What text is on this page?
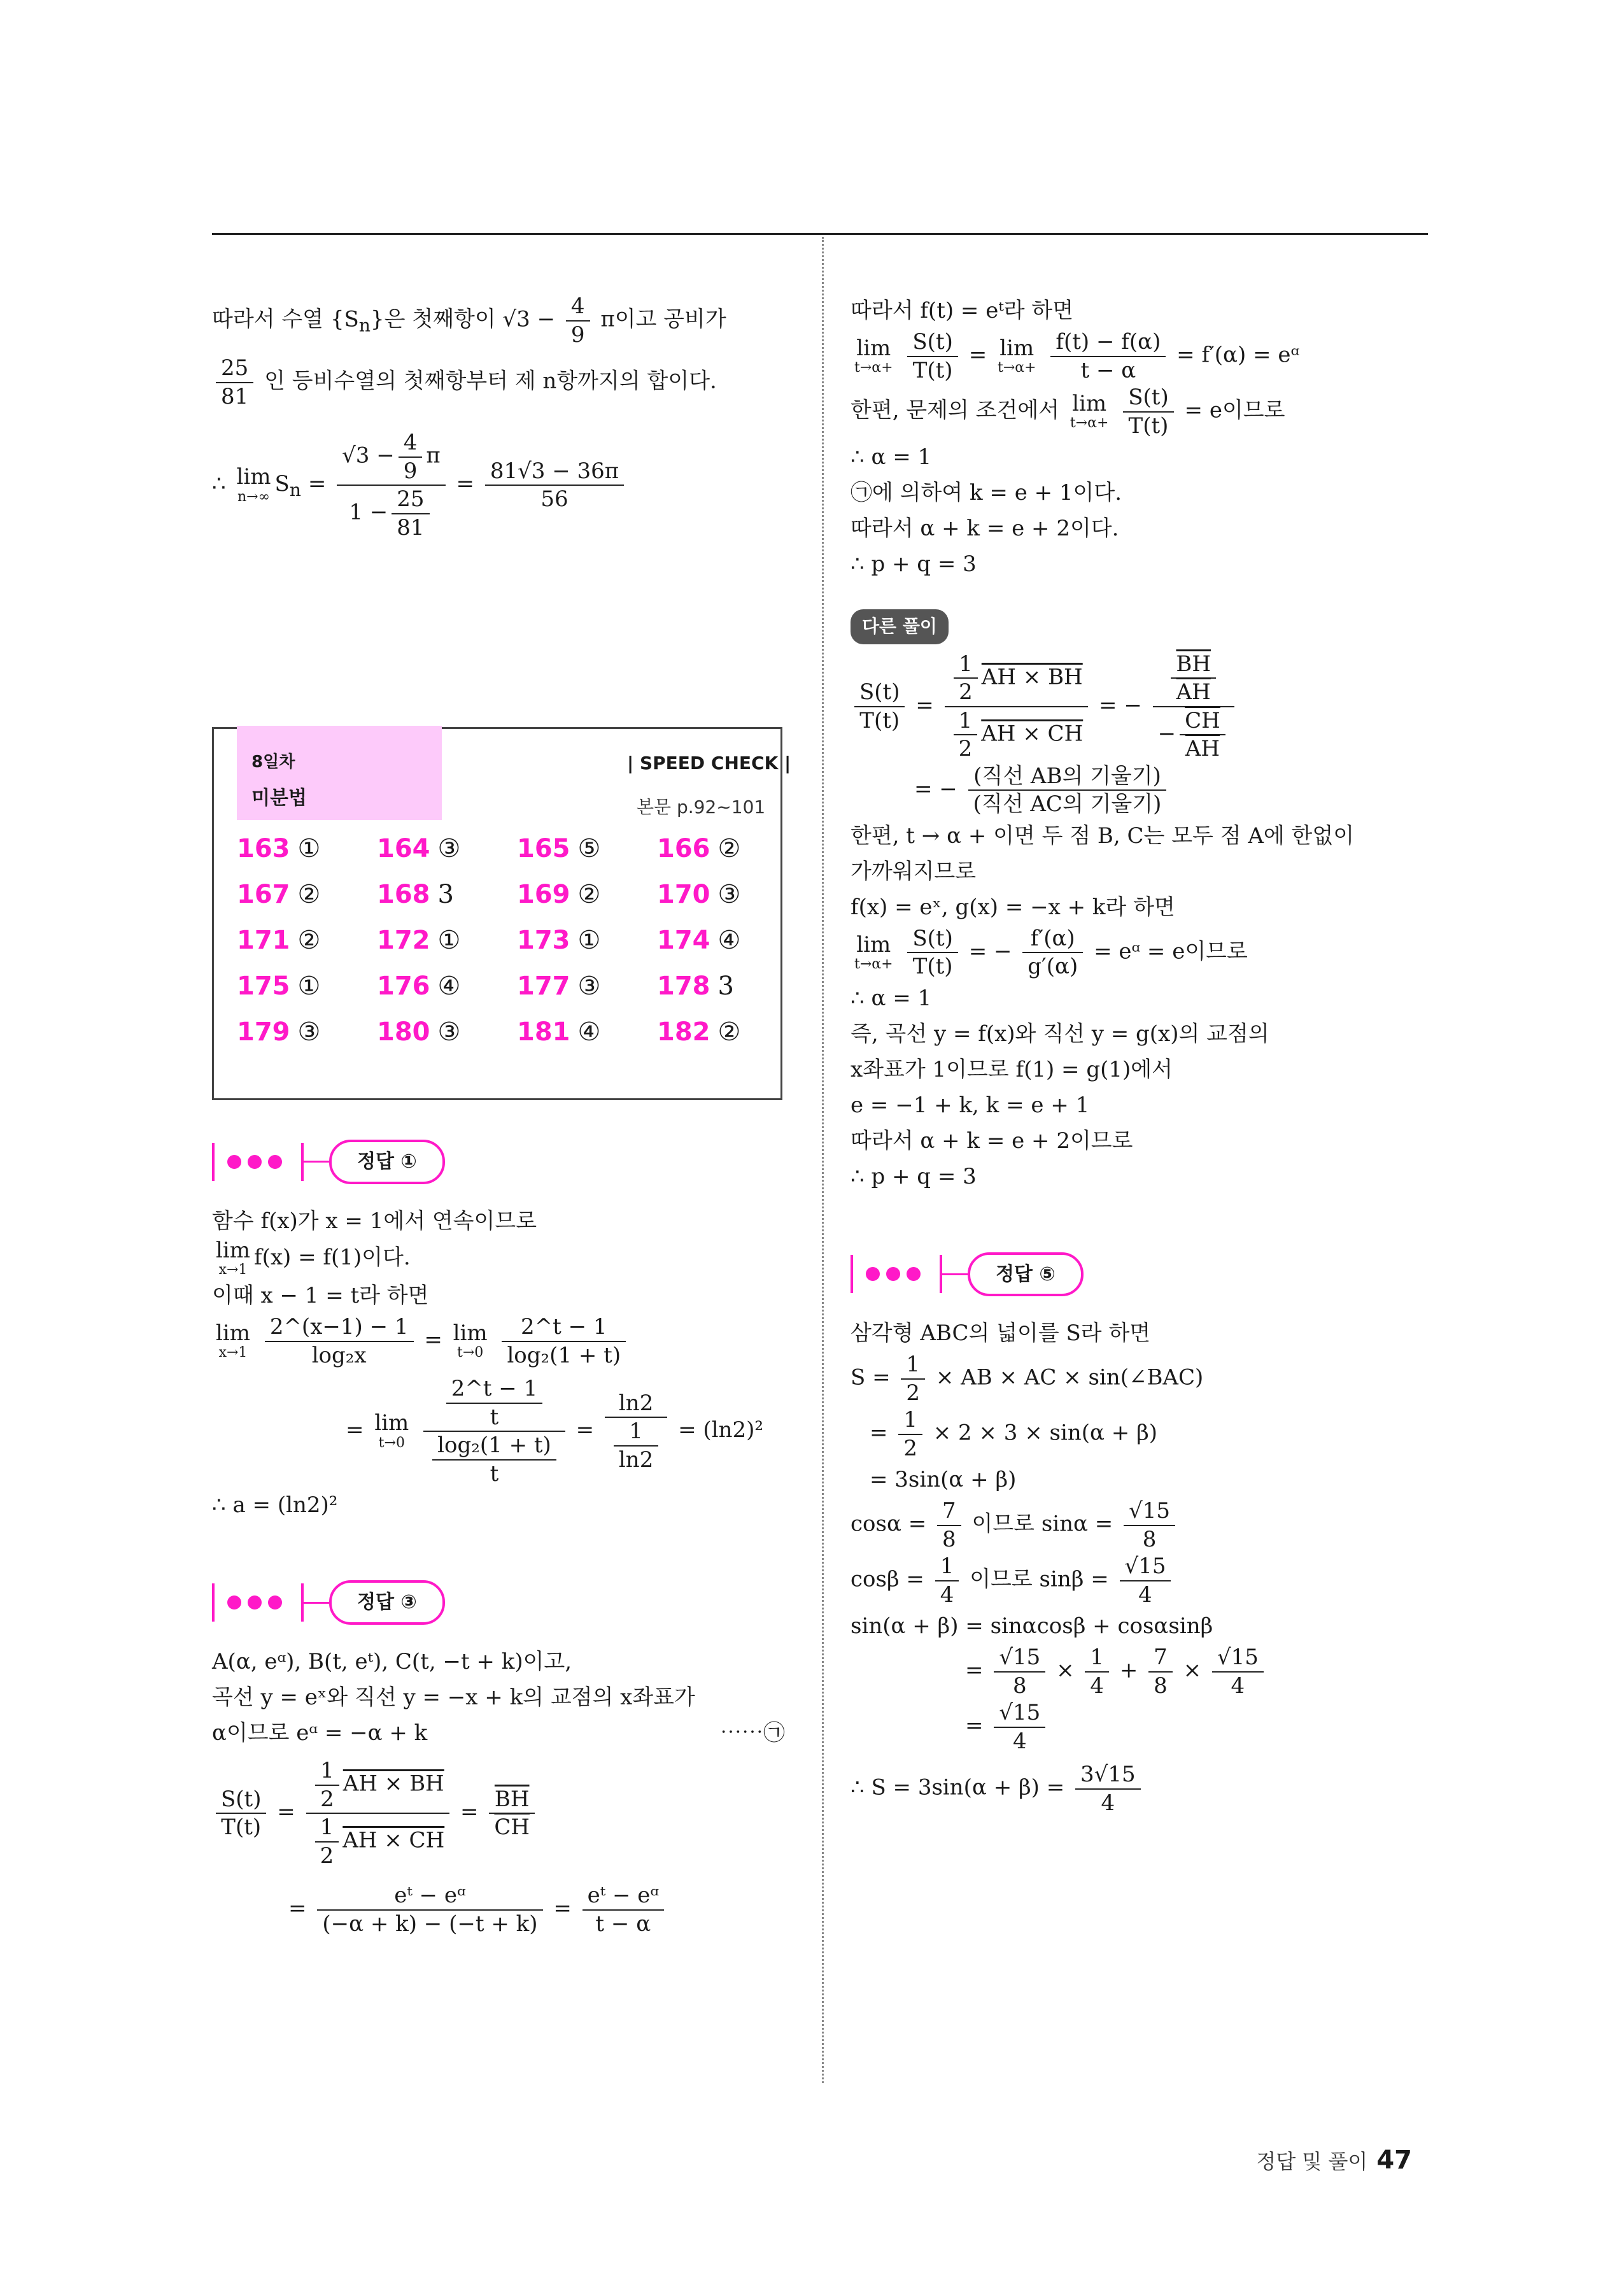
따라서 수열 $\{S_n\}$은 첫째항이 $√3 - \frac{4}{9}$ π이고 공비가
$\frac{25}{81}$ 인 등비수열의 첫째항부터 제 n항까지의 합이다.
∴ lim
n→∞
$S_n = \frac{√3 - \frac{4}{9} \pi}{1 - \frac{25}{81}} = \frac{81√3 - 36\pi}{56}$
8일차
미분법
| SPEED CHECK |
본문 p.92~101
163 ①	164 ③	165 ⑤	166 ②
167 ②	168 3	169 ②	170 ③
171 ②	172 ①	173 ①	174 ④
175 ①	176 ④	177 ③	178 3
179 ③	180 ③	181 ④	182 ②
정답 ①
함수 f(x)가 x = 1에서 연속이므로
lim
x→1
f(x) = f(1)이다.
이때 x − 1 = t라 하면
lim
x→1
$\frac{2\^{}(x-1) - 1}{\text{log₂x}} = \lim$
t→0
$\frac{2\^{}t - 1}{\text{log₂(1 + t)}}$
= lim
t→0
$\frac{\frac{2\^{}t - 1}{t}}{\frac{\text{log₂(1 + t)}}{t}} = \frac{\ln 2}{\frac{1}{\ln 2}} = (\ln 2)^2$
∴ a = (ln2)²
정답 ③
A(α, eᵅ), B(t, eᵗ), C(t, −t + k)이고,
곡선 y = eˣ와 직선 y = −x + k의 교점의 x좌표가
α이므로 eᵅ = −α + k	⋯⋯㉠
$\frac{S(t)}{T(t)} = \frac{\frac{1}{2} AH \times BH}{\frac{1}{2} AH \times CH} = \frac{\overline{BH}}{CH}$
= $\frac{\text{eᵗ − eᵅ}}{(-\alpha + k) - (-t + k)} = \frac{\text{eᵗ − eᵅ}}{t - \alpha}$
따라서 f(t) = eᵗ라 하면
lim
t→α+
$\frac{S(t)}{T(t)} = \lim$
t→α+
$\frac{f(t) - f(\alpha)}{t - \alpha} = f'(\alpha)$ = eᵅ
한편, 문제의 조건에서 lim
t→α+
$\frac{S(t)}{T(t)} = e$이므로
∴ α = 1
㉠에 의하여 k = e + 1이다.
따라서 α + k = e + 2이다.
∴ p + q = 3
다른 풀이
$\frac{S(t)}{T(t)} = \frac{\frac{1}{2} AH \times BH}{\frac{1}{2} AH \times CH}$ = − $\frac{\frac{\overline{BH}}{AH}}{- \frac{\overline{CH}}{AH}}$
= − $\frac{\text{(직선 AB의 기울기)}}{\text{(직선 AC의 기울기)}}$
한편, t → α + 이면 두 점 B, C는 모두 점 A에 한없이
가까워지므로
f(x) = eˣ, g(x) = −x + k라 하면
lim
t→α+
$\frac{S(t)}{T(t)}$ = − $\frac{f'(\alpha)}{g'(\alpha)}$ = eᵅ = e이므로
∴ α = 1
즉, 곡선 y = f(x)와 직선 y = g(x)의 교점의
x좌표가 1이므로 f(1) = g(1)에서
e = −1 + k, k = e + 1
따라서 α + k = e + 2이므로
∴ p + q = 3
정답 ⑤
삼각형 ABC의 넓이를 S라 하면
$S = \frac{1}{2}$ × AB × AC × sin(∠BAC)
= $\frac{1}{2} \times 2 \times 3 \times \sin(\alpha + \beta)$
= 3sin(α + β)
$\cos\alpha = \frac{7}{8}$ 이므로 $\sin\alpha = \frac{√15}{8}$
$\cos\beta = \frac{1}{4}$ 이므로 $\sin\beta = \frac{√15}{4}$
sin(α + β) = sinαcosβ + cosαsinβ
= $\frac{√15}{8} \times \frac{1}{4} + \frac{7}{8} \times \frac{√15}{4}$
= $\frac{√15}{4}$
∴ $S = 3\sin(\alpha + \beta) = \frac{3√15}{4}$
정답 및 풀이 47
